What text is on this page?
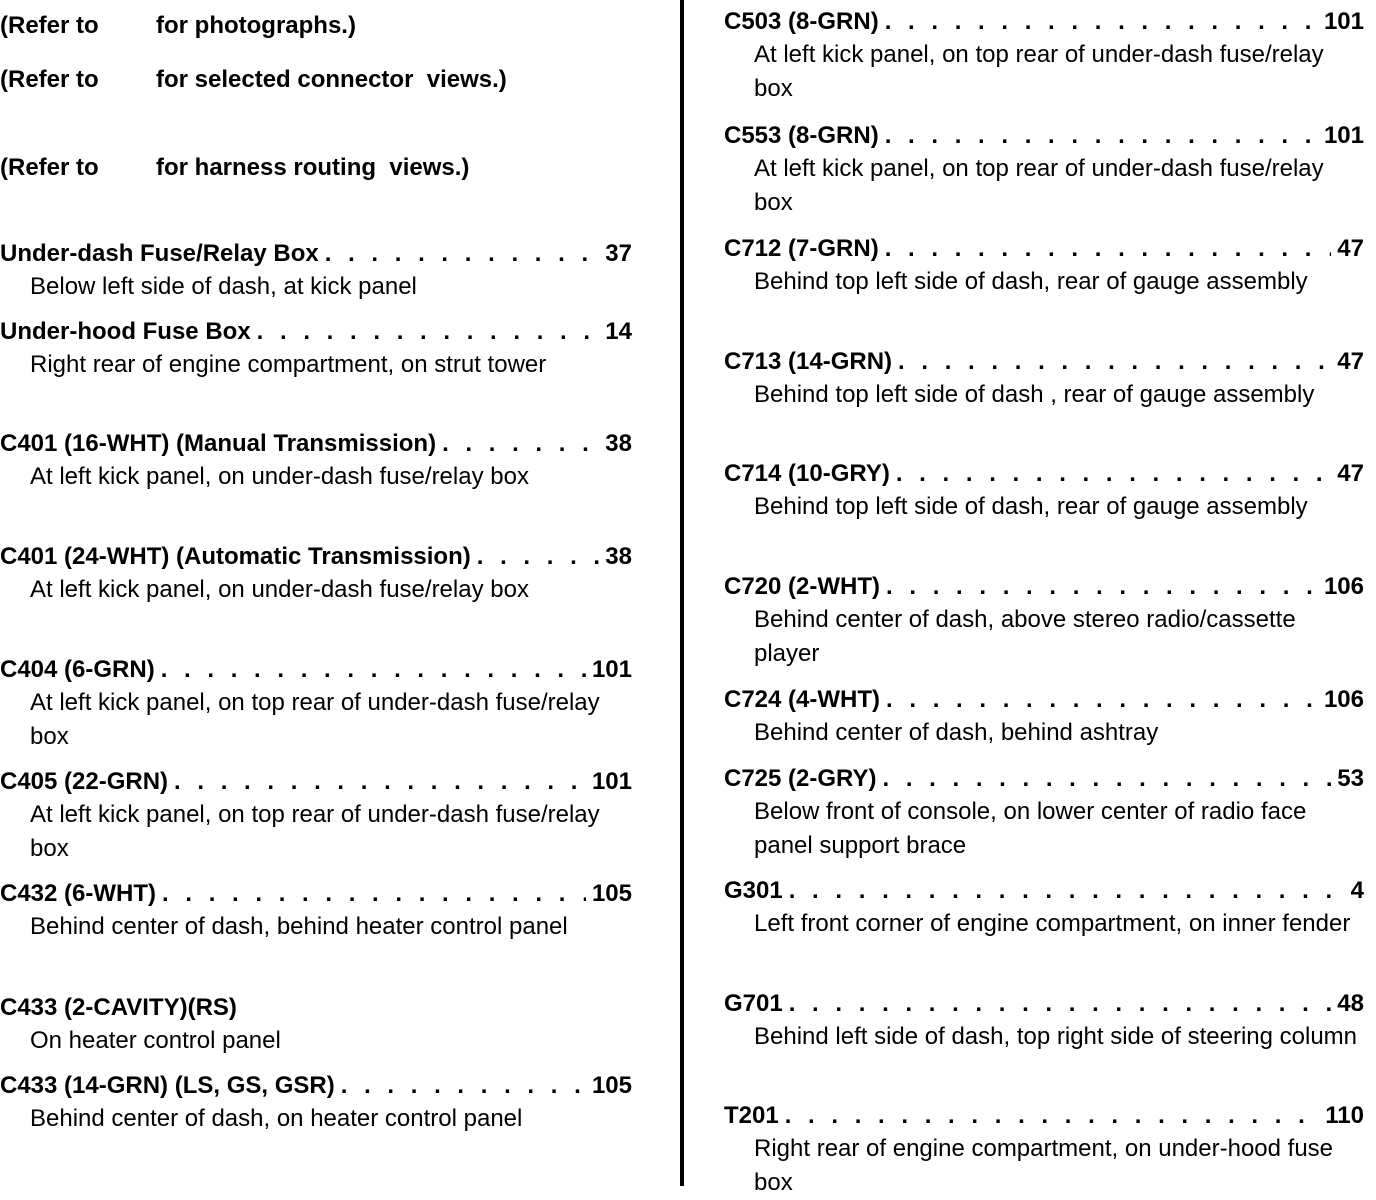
(Refer to for photographs.)
(Refer to for selected connector  views.)
(Refer to for harness routing  views.)
Under-dash Fuse/Relay Box . . .	37
Below left side of dash, at kick panel
Under-hood Fuse Box . . .	14
Right rear of engine compartment, on strut tower
C401 (16-WHT) (Manual Transmission) . . .	38
At left kick panel, on under-dash fuse/relay box
C401 (24-WHT) (Automatic Transmission) . . .	38
At left kick panel, on under-dash fuse/relay box
C404 (6-GRN) . . .	101
At left kick panel, on top rear of under-dash fuse/relay box
C405 (22-GRN) . . .	101
At left kick panel, on top rear of under-dash fuse/relay box
C432 (6-WHT) . . .	105
Behind center of dash, behind heater control panel
C433 (2-CAVITY)(RS)
On heater control panel
C433 (14-GRN) (LS, GS, GSR) . . .	105
Behind center of dash, on heater control panel
C503 (8-GRN) . . .	101
At left kick panel, on top rear of under-dash fuse/relay box
C553 (8-GRN) . . .	101
At left kick panel, on top rear of under-dash fuse/relay box
C712 (7-GRN) . . .	47
Behind top left side of dash, rear of gauge assembly
C713 (14-GRN) . . .	47
Behind top left side of dash , rear of gauge assembly
C714 (10-GRY) . . .	47
Behind top left side of dash, rear of gauge assembly
C720 (2-WHT) . . .	106
Behind center of dash, above stereo radio/cassette player
C724 (4-WHT) . . .	106
Behind center of dash, behind ashtray
C725 (2-GRY) . . .	53
Below front of console, on lower center of radio face panel support brace
G301 . . .	4
Left front corner of engine compartment, on inner fender
G701 . . .	48
Behind left side of dash, top right side of steering column
T201 . . .	110
Right rear of engine compartment, on under-hood fuse box
